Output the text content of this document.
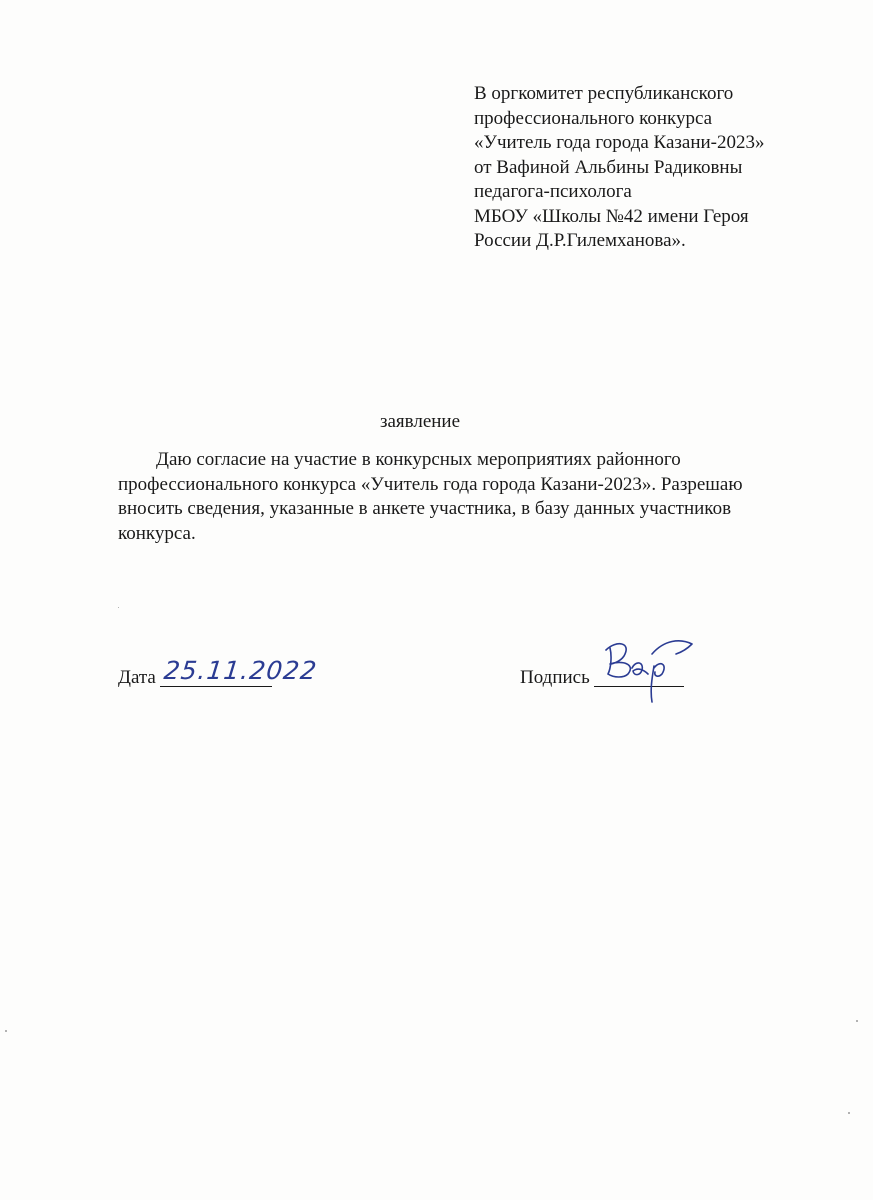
В оргкомитет республиканского
профессионального конкурса
«Учитель года города Казани-2023»
от Вафиной Альбины Радиковны
педагога-психолога
МБОУ «Школы №42 имени Героя
России Д.Р.Гилемханова».
заявление
Даю согласие на участие в конкурсных мероприятиях районного
профессионального конкурса «Учитель года города Казани-2023». Разрешаю
вносить сведения, указанные в анкете участника, в базу данных участников
конкурса.
Дата 25.11.2022	Подпись
